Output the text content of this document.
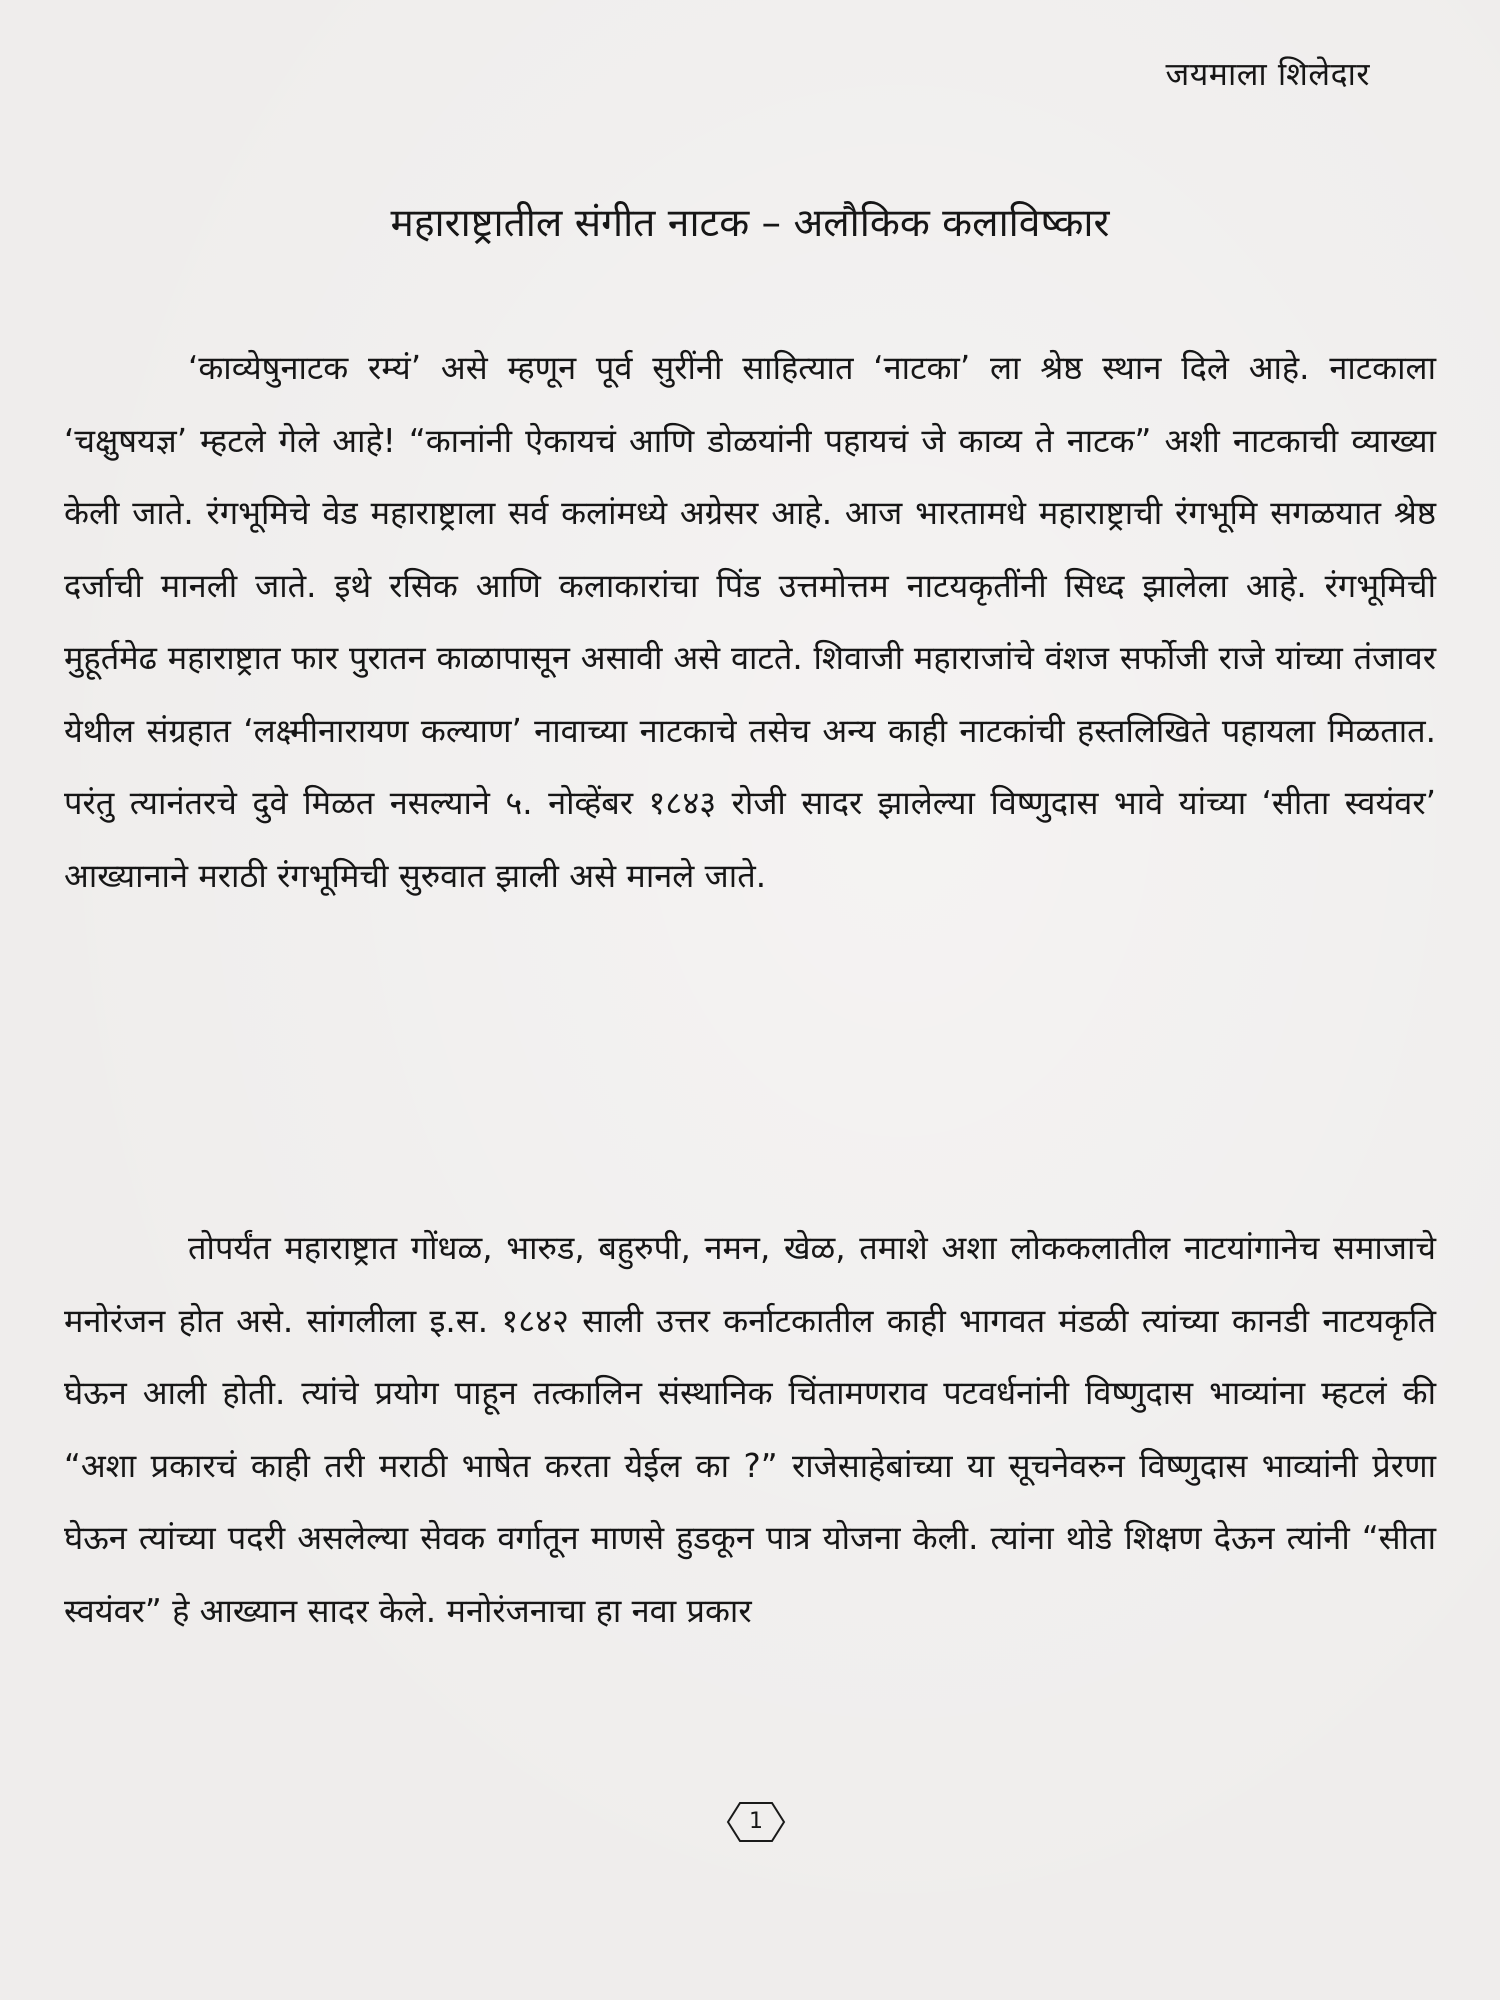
जयमाला शिलेदार
महाराष्ट्रातील संगीत नाटक – अलौकिक कलाविष्कार
‘काव्येषुनाटक रम्यं’ असे म्हणून पूर्व सुरींनी साहित्यात ‘नाटका’ ला श्रेष्ठ स्थान दिले आहे. नाटकाला ‘चक्षुषयज्ञ’ म्हटले गेले आहे! “कानांनी ऐकायचं आणि डोळयांनी पहायचं जे काव्य ते नाटक” अशी नाटकाची व्याख्या केली जाते. रंगभूमिचे वेड महाराष्ट्राला सर्व कलांमध्ये अग्रेसर आहे. आज भारतामधे महाराष्ट्राची रंगभूमि सगळयात श्रेष्ठ दर्जाची मानली जाते. इथे रसिक आणि कलाकारांचा पिंड उत्तमोत्तम नाटयकृतींनी सिध्द झालेला आहे. रंगभूमिची मुहूर्तमेढ महाराष्ट्रात फार पुरातन काळापासून असावी असे वाटते. शिवाजी महाराजांचे वंशज सर्फोजी राजे यांच्या तंजावर येथील संग्रहात ‘लक्ष्मीनारायण कल्याण’ नावाच्या नाटकाचे तसेच अन्य काही नाटकांची हस्तलिखिते पहायला मिळतात. परंतु त्यानंतरचे दुवे मिळत नसल्याने ५. नोव्हेंबर १८४३ रोजी सादर झालेल्या विष्णुदास भावे यांच्या ‘सीता स्वयंवर’ आख्यानाने मराठी रंगभूमिची सुरुवात झाली असे मानले जाते.
तोपर्यंत महाराष्ट्रात गोंधळ, भारुड, बहुरुपी, नमन, खेळ, तमाशे अशा लोककलातील नाटयांगानेच समाजाचे मनोरंजन होत असे. सांगलीला इ.स. १८४२ साली उत्तर कर्नाटकातील काही भागवत मंडळी त्यांच्या कानडी नाटयकृति घेऊन आली होती. त्यांचे प्रयोग पाहून तत्कालिन संस्थानिक चिंतामणराव पटवर्धनांनी विष्णुदास भाव्यांना म्हटलं की “अशा प्रकारचं काही तरी मराठी भाषेत करता येईल का ?” राजेसाहेबांच्या या सूचनेवरुन विष्णुदास भाव्यांनी प्रेरणा घेऊन त्यांच्या पदरी असलेल्या सेवक वर्गातून माणसे हुडकून पात्र योजना केली. त्यांना थोडे शिक्षण देऊन त्यांनी “सीता स्वयंवर” हे आख्यान सादर केले. मनोरंजनाचा हा नवा प्रकार
1
